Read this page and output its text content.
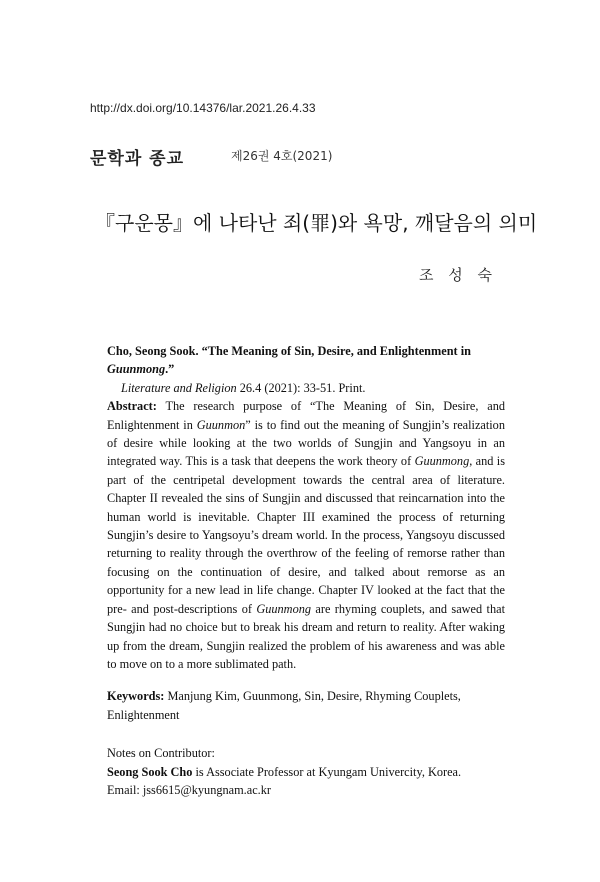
http://dx.doi.org/10.14376/lar.2021.26.4.33
문학과 종교	제26권 4호(2021)
『구운몽』에 나타난 죄(罪)와 욕망, 깨달음의 의미
조 성 숙

Cho, Seong Sook. “The Meaning of Sin, Desire, and Enlightenment in Guunmong.”
Literature and Religion 26.4 (2021): 33-51. Print.

Abstract: The research purpose of “The Meaning of Sin, Desire, and Enlightenment in Guunmon” is to find out the meaning of Sungjin’s realization of desire while looking at the two worlds of Sungjin and Yangsoyu in an integrated way. This is a task that deepens the work theory of Guunmong, and is part of the centripetal development towards the central area of literature. Chapter II revealed the sins of Sungjin and discussed that reincarnation into the human world is inevitable. Chapter III examined the process of returning Sungjin’s desire to Yangsoyu’s dream world. In the process, Yangsoyu discussed returning to reality through the overthrow of the feeling of remorse rather than focusing on the continuation of desire, and talked about remorse as an opportunity for a new lead in life change. Chapter IV looked at the fact that the pre- and post-descriptions of Guunmong are rhyming couplets, and sawed that Sungjin had no choice but to break his dream and return to reality. After waking up from the dream, Sungjin realized the problem of his awareness and was able to move on to a more sublimated path.

Keywords: Manjung Kim, Guunmong, Sin, Desire, Rhyming Couplets, Enlightenment

Notes on Contributor:
Seong Sook Cho is Associate Professor at Kyungam Univercity, Korea.
Email: jss6615@kyungnam.ac.kr
